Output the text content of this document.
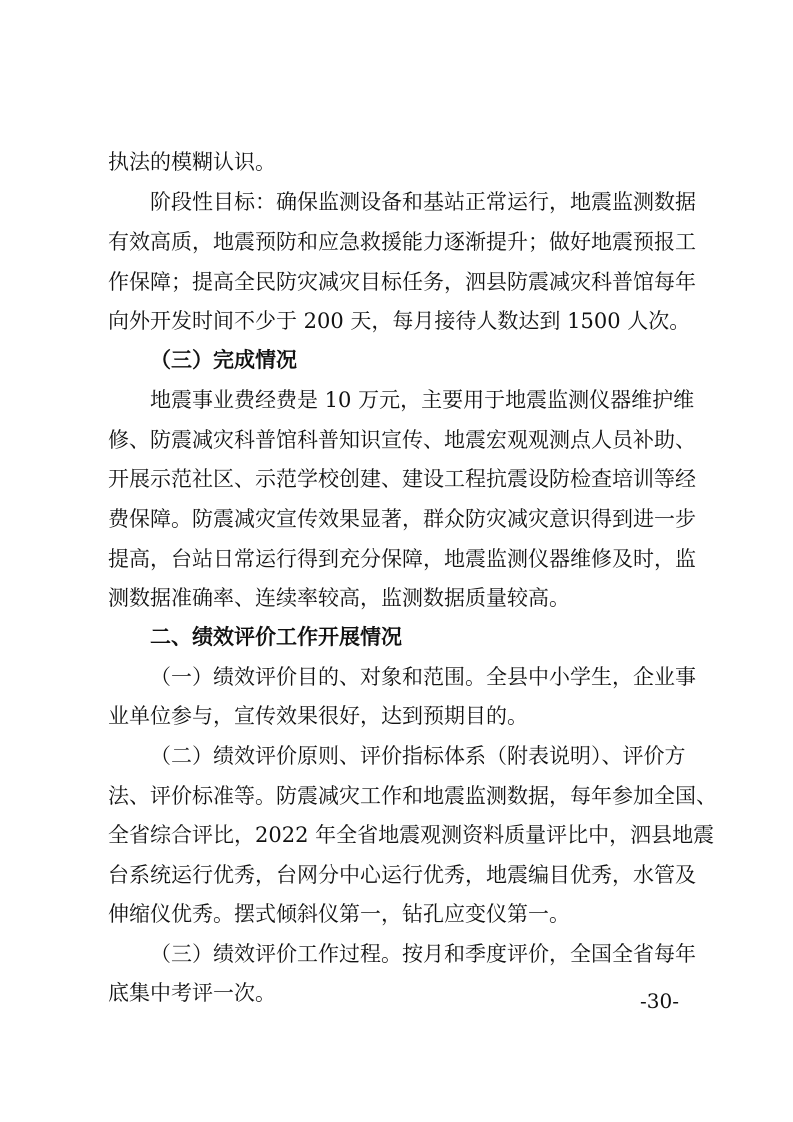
执法的模糊认识。
阶段性目标：确保监测设备和基站正常运行，地震监测数据
有效高质，地震预防和应急救援能力逐渐提升；做好地震预报工
作保障；提高全民防灾减灾目标任务，泗县防震减灾科普馆每年
向外开发时间不少于 200 天，每月接待人数达到 1500 人次。
（三）完成情况
地震事业费经费是 10 万元，主要用于地震监测仪器维护维
修、防震减灾科普馆科普知识宣传、地震宏观观测点人员补助、
开展示范社区、示范学校创建、建设工程抗震设防检查培训等经
费保障。防震减灾宣传效果显著，群众防灾减灾意识得到进一步
提高，台站日常运行得到充分保障，地震监测仪器维修及时，监
测数据准确率、连续率较高，监测数据质量较高。
二、绩效评价工作开展情况
（一）绩效评价目的、对象和范围。全县中小学生，企业事
业单位参与，宣传效果很好，达到预期目的。
（二）绩效评价原则、评价指标体系（附表说明）、评价方
法、评价标准等。防震减灾工作和地震监测数据，每年参加全国、
全省综合评比，2022 年全省地震观测资料质量评比中，泗县地震
台系统运行优秀，台网分中心运行优秀，地震编目优秀，水管及
伸缩仪优秀。摆式倾斜仪第一，钻孔应变仪第一。
（三）绩效评价工作过程。按月和季度评价，全国全省每年
底集中考评一次。	-30-
